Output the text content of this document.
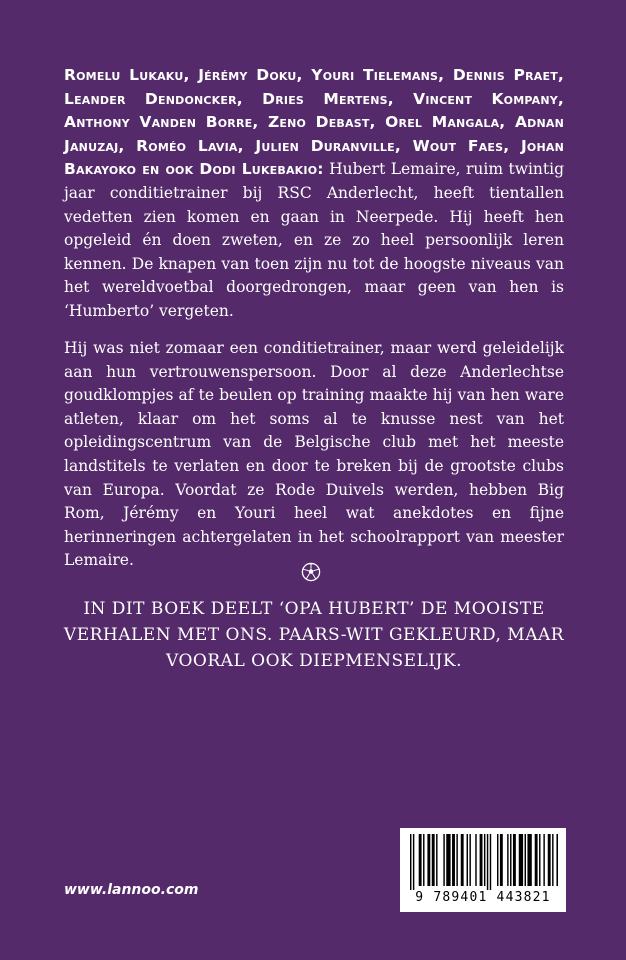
Romelu Lukaku, Jérémy Doku, Youri Tielemans, Dennis Praet, Leander Dendoncker, Dries Mertens, Vincent Kompany, Anthony Vanden Borre, Zeno Debast, Orel Mangala, Adnan Januzaj, Roméo Lavia, Julien Duranville, Wout Faes, Johan Bakayoko en ook Dodi Lukebakio: Hubert Lemaire, ruim twintig jaar conditietrainer bij RSC Anderlecht, heeft tientallen vedetten zien komen en gaan in Neerpede. Hij heeft hen opgeleid én doen zweten, en ze zo heel persoonlijk leren kennen. De knapen van toen zijn nu tot de hoogste niveaus van het wereldvoetbal doorgedrongen, maar geen van hen is ‘Humberto’ vergeten.
Hij was niet zomaar een conditietrainer, maar werd geleidelijk aan hun vertrouwenspersoon. Door al deze Anderlechtse goudklompjes af te beulen op training maakte hij van hen ware atleten, klaar om het soms al te knusse nest van het opleidingscentrum van de Belgische club met het meeste landstitels te verlaten en door te breken bij de grootste clubs van Europa. Voordat ze Rode Duivels werden, hebben Big Rom, Jérémy en Youri heel wat anekdotes en fijne herinneringen achtergelaten in het schoolrapport van meester Lemaire.
IN DIT BOEK DEELT ‘OPA HUBERT’ DE MOOISTE VERHALEN MET ONS. PAARS-WIT GEKLEURD, MAAR VOORAL OOK DIEPMENSELIJK.
www.lannoo.com	9 789401 443821
